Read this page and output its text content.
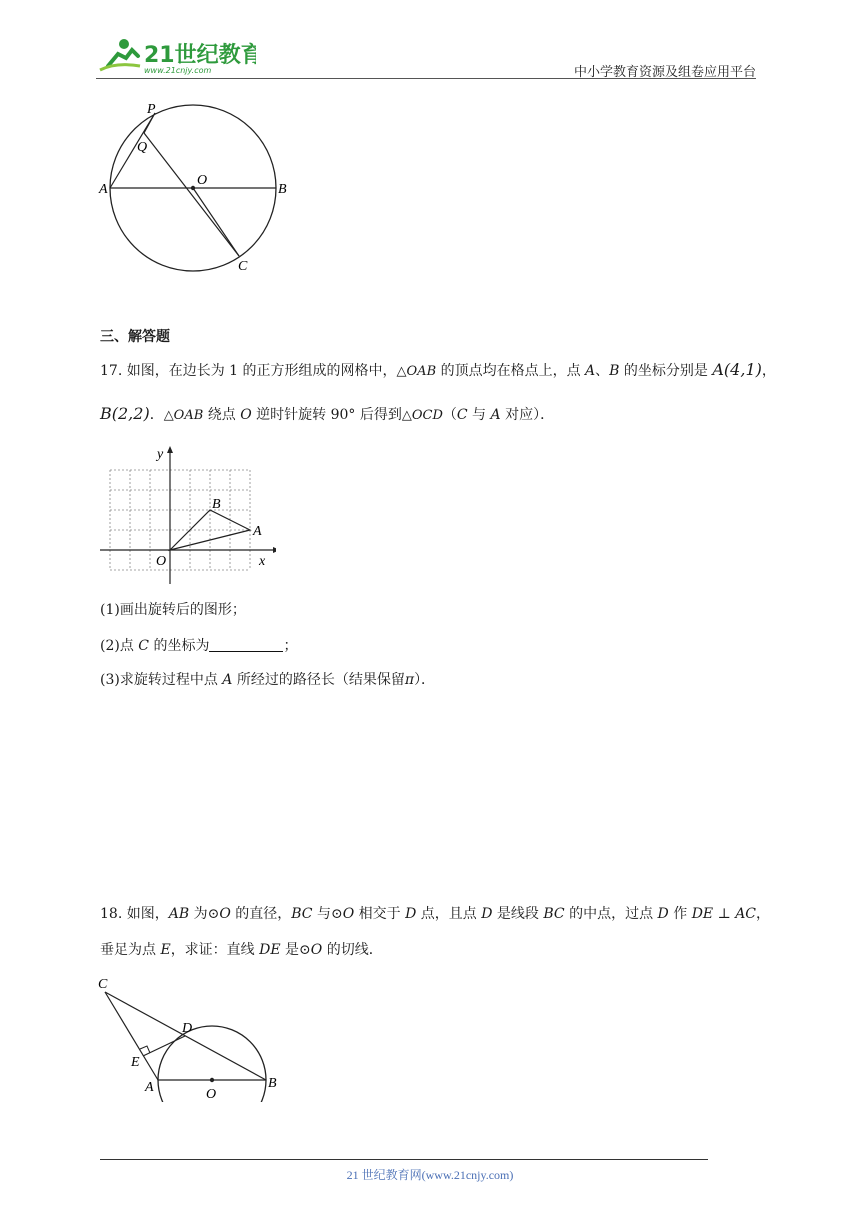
21世纪教育
www.21cnjy.com	中小学教育资源及组卷应用平台
P
Q
O
A	B
C
三、解答题
17. 如图，在边长为 1 的正方形组成的网格中，△OAB 的顶点均在格点上，点 A、B 的坐标分别是 A(4,1)，
B(2,2)．△OAB 绕点 O 逆时针旋转 90° 后得到△OCD（C 与 A 对应）．
y
x
O
A
B
(1)画出旋转后的图形；
(2)点 C 的坐标为	；
(3)求旋转过程中点 A 所经过的路径长（结果保留π）．
18. 如图，AB 为⊙O 的直径，BC 与⊙O 相交于 D 点，且点 D 是线段 BC 的中点，过点 D 作 DE ⊥ AC，
垂足为点 E，求证：直线 DE 是⊙O 的切线．
C
D
E
A	O
B
21 世纪教育网(www.21cnjy.com)
